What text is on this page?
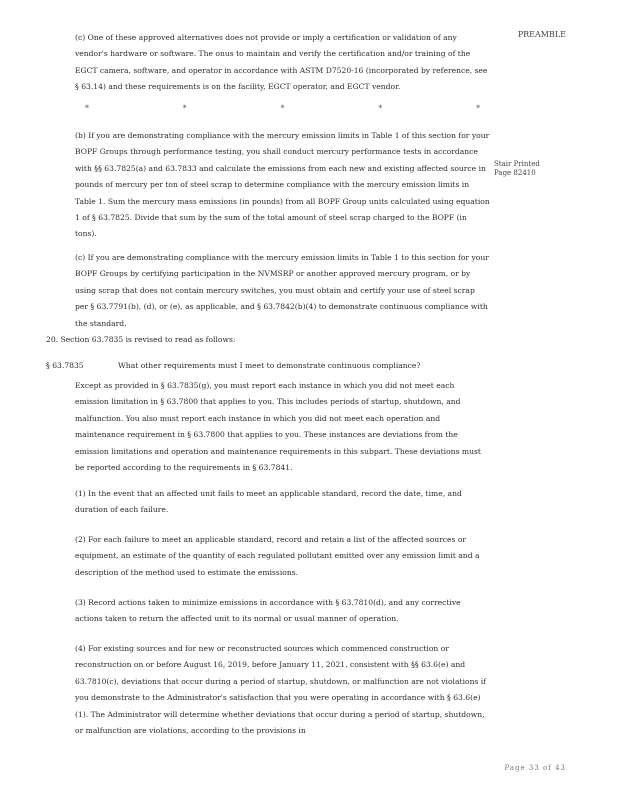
PREAMBLE
(c) One of these approved alternatives does not provide or imply a certification or validation of any vendor's hardware or software. The onus to maintain and verify the certification and/or training of the EGCT camera, software, and operator in accordance with ASTM D7520-16 (incorporated by reference, see § 63.14) and these requirements is on the facility, EGCT operator, and EGCT vendor.
*	*	*	*	*
(b) If you are demonstrating compliance with the mercury emission limits in Table 1 of this section for your BOPF Groups through performance testing, you shall conduct mercury performance tests in accordance with §§ 63.7825(a) and 63.7833 and calculate the emissions from each new and existing affected source in pounds of mercury per ton of steel scrap to determine compliance with the mercury emission limits in Table 1. Sum the mercury mass emissions (in pounds) from all BOPF Group units calculated using equation 1 of § 63.7825. Divide that sum by the sum of the total amount of steel scrap charged to the BOPF (in tons).
Stair Printed Page 82410
(c) If you are demonstrating compliance with the mercury emission limits in Table 1 to this section for your BOPF Groups by certifying participation in the NVMSRP or another approved mercury program, or by using scrap that does not contain mercury switches, you must obtain and certify your use of steel scrap per § 63.7791(b), (d), or (e), as applicable, and § 63.7842(b)(4) to demonstrate continuous compliance with the standard.
20. Section 63.7835 is revised to read as follows:
§ 63.7835	What other requirements must I meet to demonstrate continuous compliance?
Except as provided in § 63.7835(g), you must report each instance in which you did not meet each emission limitation in § 63.7800 that applies to you. This includes periods of startup, shutdown, and malfunction. You also must report each instance in which you did not meet each operation and maintenance requirement in § 63.7800 that applies to you. These instances are deviations from the emission limitations and operation and maintenance requirements in this subpart. These deviations must be reported according to the requirements in § 63.7841.
(1) In the event that an affected unit fails to meet an applicable standard, record the date, time, and duration of each failure.
(2) For each failure to meet an applicable standard, record and retain a list of the affected sources or equipment, an estimate of the quantity of each regulated pollutant emitted over any emission limit and a description of the method used to estimate the emissions.
(3) Record actions taken to minimize emissions in accordance with § 63.7810(d), and any corrective actions taken to return the affected unit to its normal or usual manner of operation.
(4) For existing sources and for new or reconstructed sources which commenced construction or reconstruction on or before August 16, 2019, before January 11, 2021, consistent with §§ 63.6(e) and 63.7810(c), deviations that occur during a period of startup, shutdown, or malfunction are not violations if you demonstrate to the Administrator's satisfaction that you were operating in accordance with § 63.6(e)(1). The Administrator will determine whether deviations that occur during a period of startup, shutdown, or malfunction are violations, according to the provisions in
Page 33 of 43
